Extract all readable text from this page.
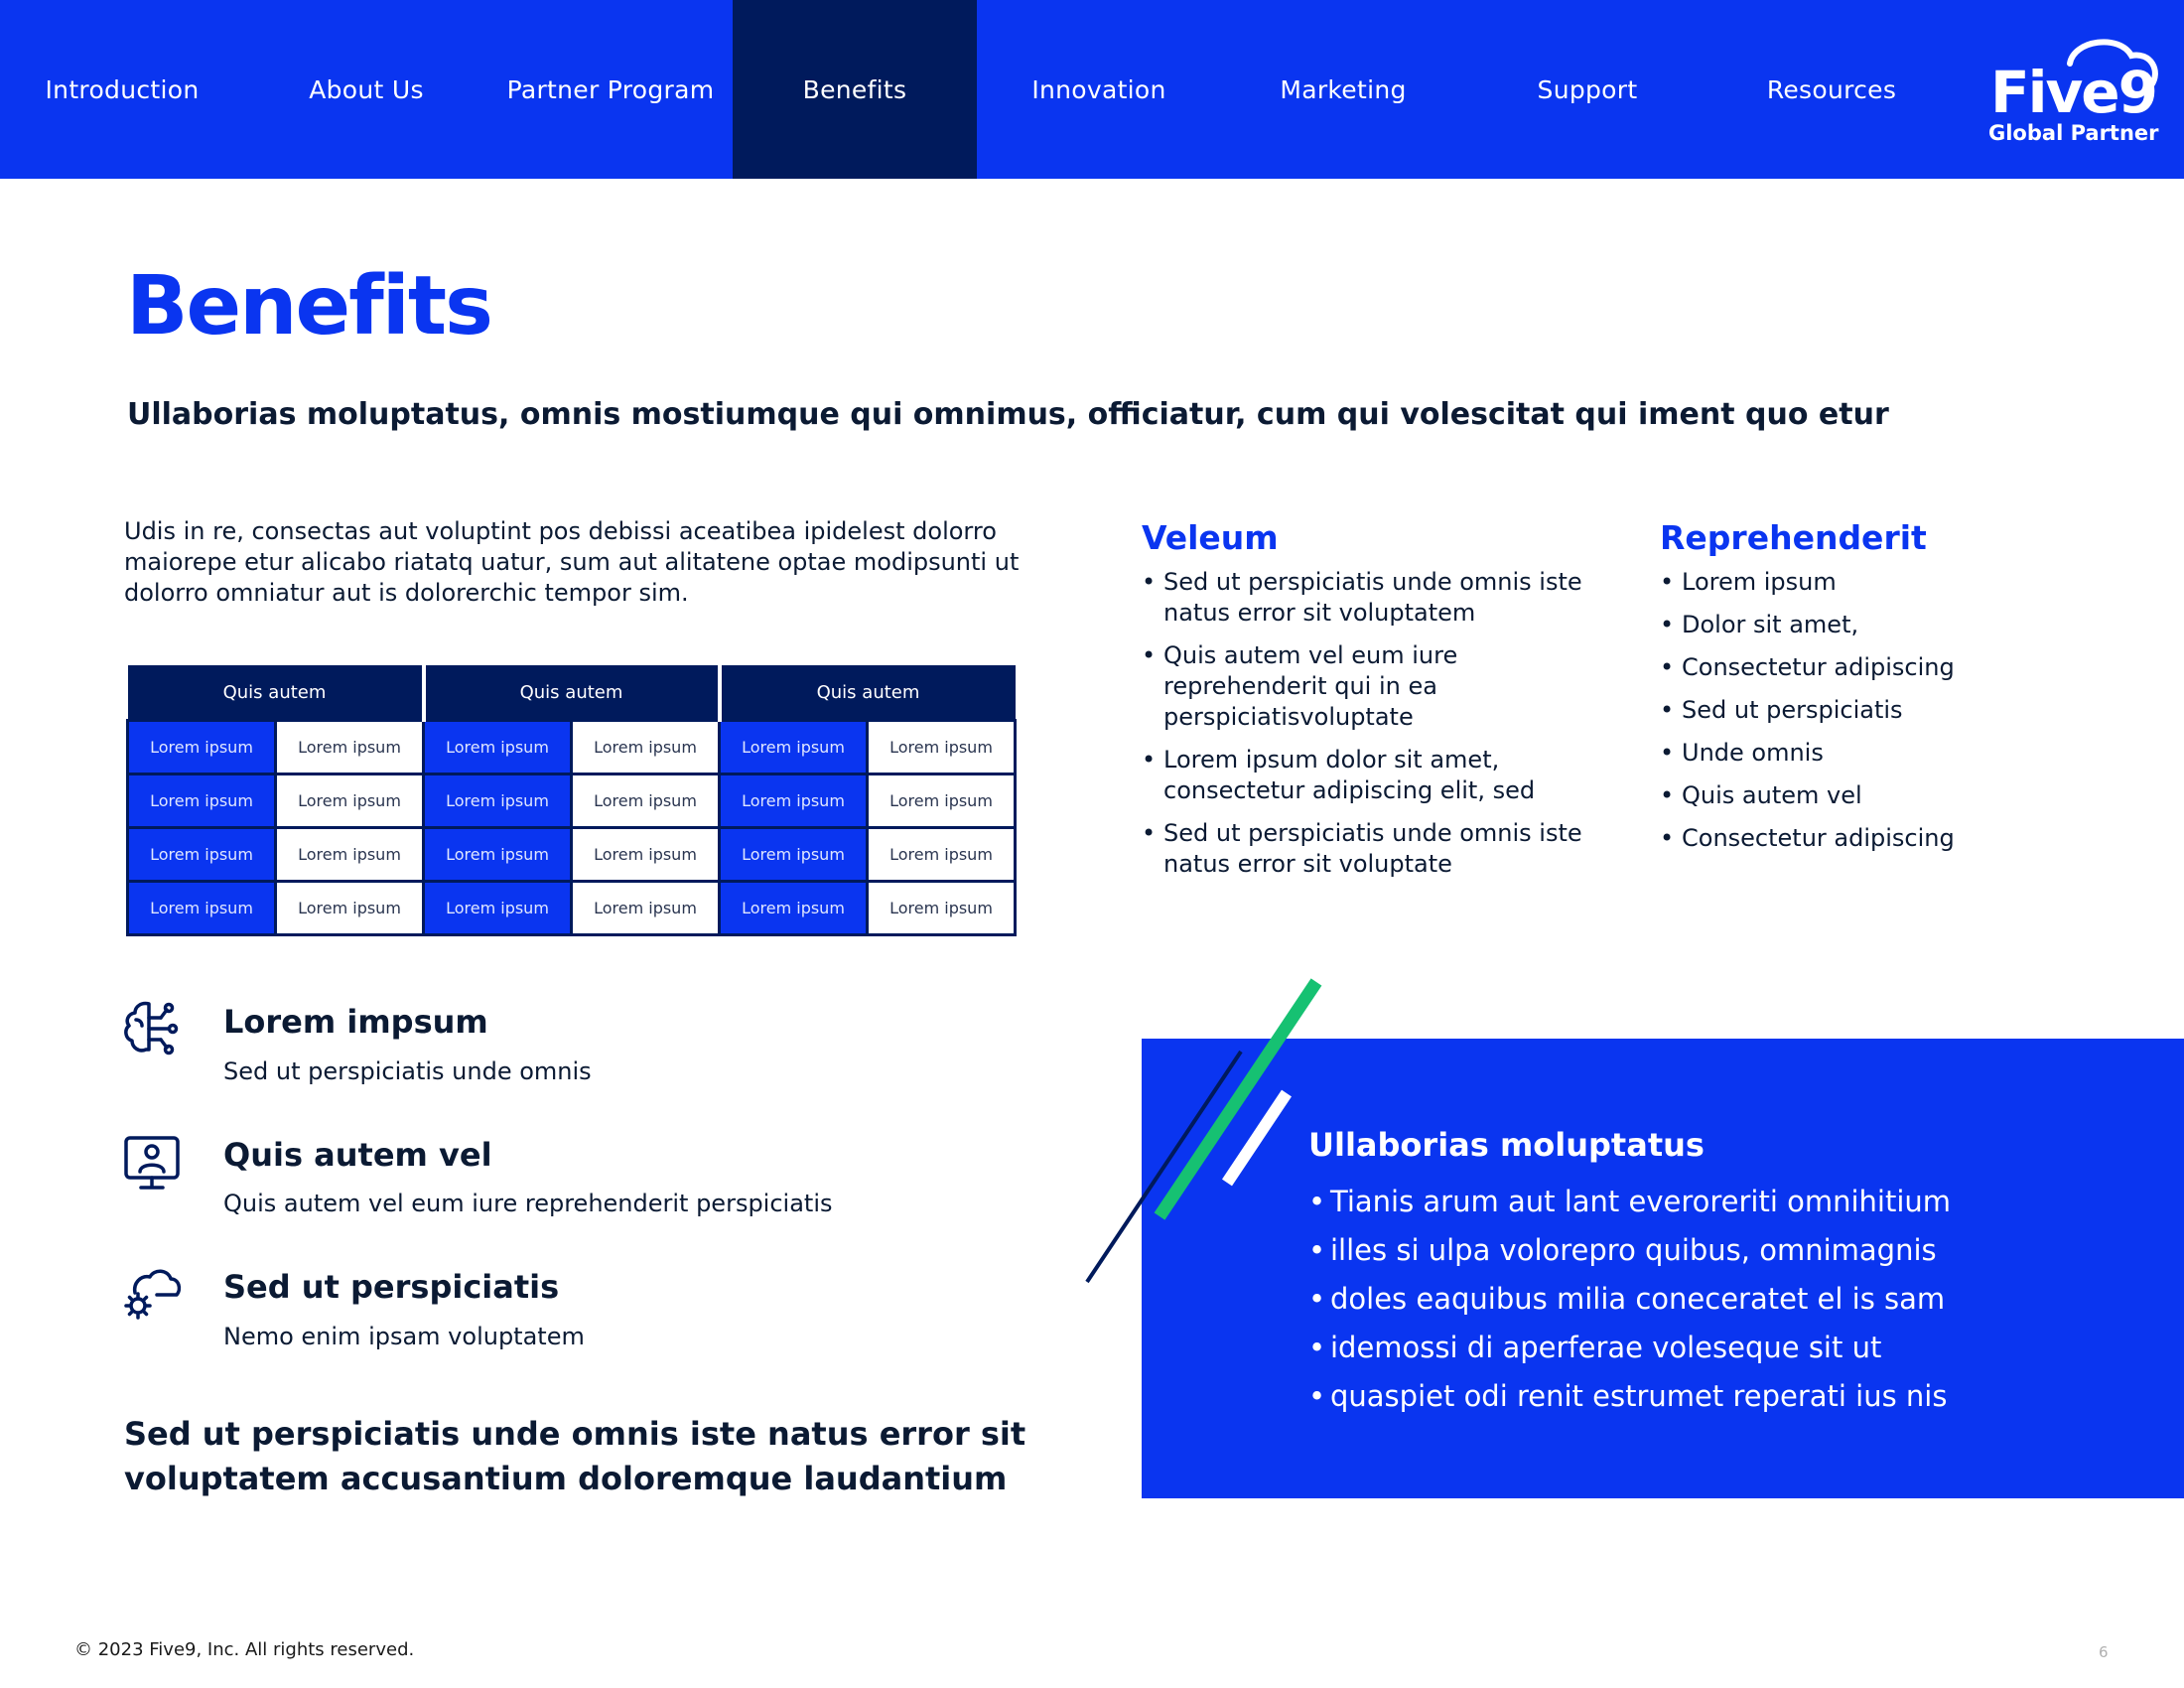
Introduction	About Us	Partner Program	Benefits	Innovation	Marketing	Support	Resources	Five9
Global Partner
Benefits

Ullaborias moluptatus, omnis mostiumque qui omnimus, officiatur, cum qui volescitat qui iment quo etur

Udis in re, consectas aut voluptint pos debissi aceatibea ipidelest dolorro maiorepe etur alicabo riatatq uatur, sum aut alitatene optae modipsunti ut dolorro omniatur aut is dolorerchic tempor sim.

Quis autem		Quis autem		Quis autem	
Lorem ipsum	Lorem ipsum	Lorem ipsum	Lorem ipsum	Lorem ipsum	Lorem ipsum
Lorem ipsum	Lorem ipsum	Lorem ipsum	Lorem ipsum	Lorem ipsum	Lorem ipsum
Lorem ipsum	Lorem ipsum	Lorem ipsum	Lorem ipsum	Lorem ipsum	Lorem ipsum
Lorem ipsum	Lorem ipsum	Lorem ipsum	Lorem ipsum	Lorem ipsum	Lorem ipsum
Veleum
• Sed ut perspiciatis unde omnis iste natus error sit voluptatem
• Quis autem vel eum iure reprehenderit qui in ea perspiciatisvoluptate
• Lorem ipsum dolor sit amet, consectetur adipiscing elit, sed
• Sed ut perspiciatis unde omnis iste natus error sit voluptate
Reprehenderit
• Lorem ipsum
• Dolor sit amet,
• Consectetur adipiscing
• Sed ut perspiciatis
• Unde omnis
• Quis autem vel
• Consectetur adipiscing
Lorem impsum

Sed ut perspiciatis unde omnis

Quis autem vel

Quis autem vel eum iure reprehenderit perspiciatis

Sed ut perspiciatis

Nemo enim ipsam voluptatem

Sed ut perspiciatis unde omnis iste natus error sit voluptatem accusantium doloremque laudantium

Ullaborias moluptatus
• Tianis arum aut lant everoreriti omnihitium
• illes si ulpa volorepro quibus, omnimagnis
• doles eaquibus milia coneceratet el is sam
• idemossi di aperferae voleseque sit ut
• quaspiet odi renit estrumet reperati ius nis

© 2023 Five9, Inc. All rights reserved.	6
